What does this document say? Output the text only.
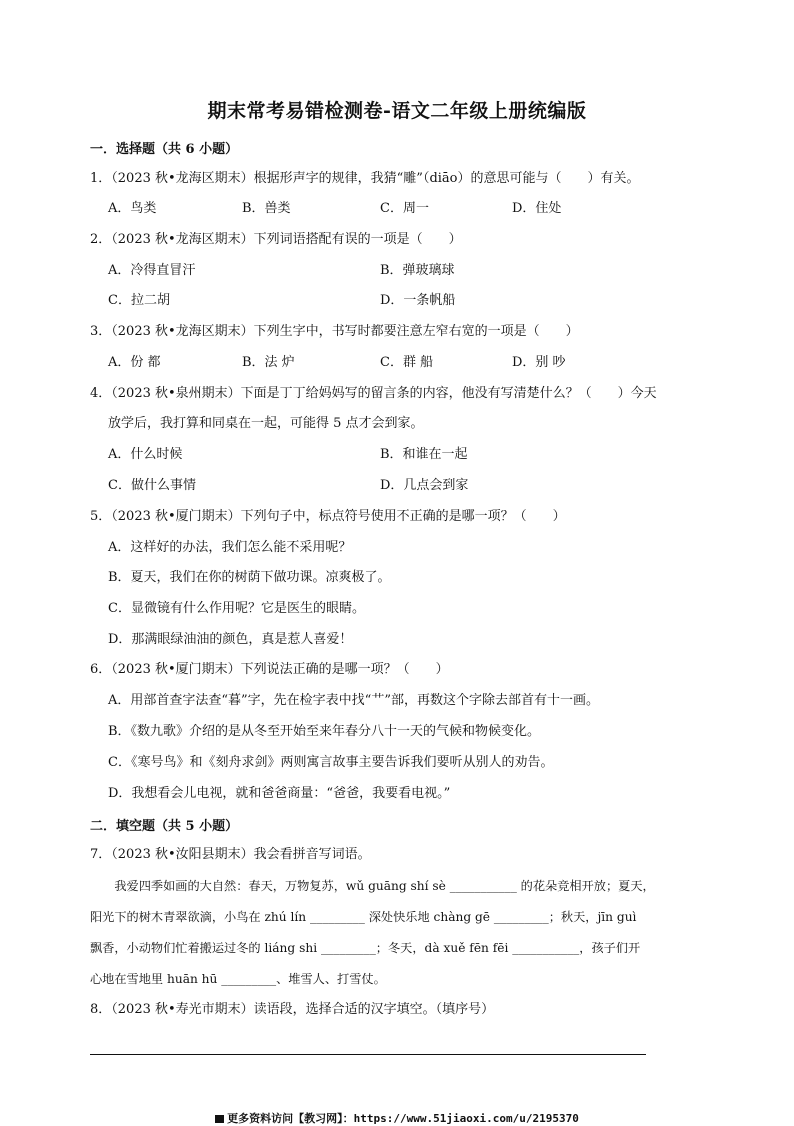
期末常考易错检测卷-语文二年级上册统编版
一．选择题（共 6 小题）
1．（2023 秋•龙海区期末）根据形声字的规律，我猜“雕”（diāo）的意思可能与（　　）有关。
A．鸟类	B．兽类	C．周一	D．住处
2．（2023 秋•龙海区期末）下列词语搭配有误的一项是（　　）
A．冷得直冒汗	B．弹玻璃球
C．拉二胡	D．一条帆船
3．（2023 秋•龙海区期末）下列生字中，书写时都要注意左窄右宽的一项是（　　）
A．份 都	B．法 炉	C．群 船	D．别 吵
4．（2023 秋•泉州期末）下面是丁丁给妈妈写的留言条的内容，他没有写清楚什么？（　　）今天
放学后，我打算和同桌在一起，可能得 5 点才会到家。
A．什么时候	B．和谁在一起
C．做什么事情	D．几点会到家
5．（2023 秋•厦门期末）下列句子中，标点符号使用不正确的是哪一项？（　　）
A．这样好的办法，我们怎么能不采用呢？
B．夏天，我们在你的树荫下做功课。凉爽极了。
C．显微镜有什么作用呢？它是医生的眼睛。
D．那满眼绿油油的颜色，真是惹人喜爱！
6．（2023 秋•厦门期末）下列说法正确的是哪一项？（　　）
A．用部首查字法查“暮”字，先在检字表中找“艹”部，再数这个字除去部首有十一画。
B．《数九歌》介绍的是从冬至开始至来年春分八十一天的气候和物候变化。
C．《寒号鸟》和《刻舟求剑》两则寓言故事主要告诉我们要听从别人的劝告。
D．我想看会儿电视，就和爸爸商量：“爸爸，我要看电视。”
二．填空题（共 5 小题）
7．（2023 秋•汝阳县期末）我会看拼音写词语。
　　我爱四季如画的大自然：春天，万物复苏，wǔ guāng shí sè ___________ 的花朵竞相开放；夏天，
阳光下的树木青翠欲滴，小鸟在 zhú lín _________ 深处快乐地 chàng gē _________；秋天，jīn guì
飘香，小动物们忙着搬运过冬的 liáng shi _________；冬天，dà xuě fēn fēi ___________，孩子们开
心地在雪地里 huān hū _________、堆雪人、打雪仗。
8．（2023 秋•寿光市期末）读语段，选择合适的汉字填空。（填序号）
更多资料访问【教习网】：https://www.51jiaoxi.com/u/2195370
